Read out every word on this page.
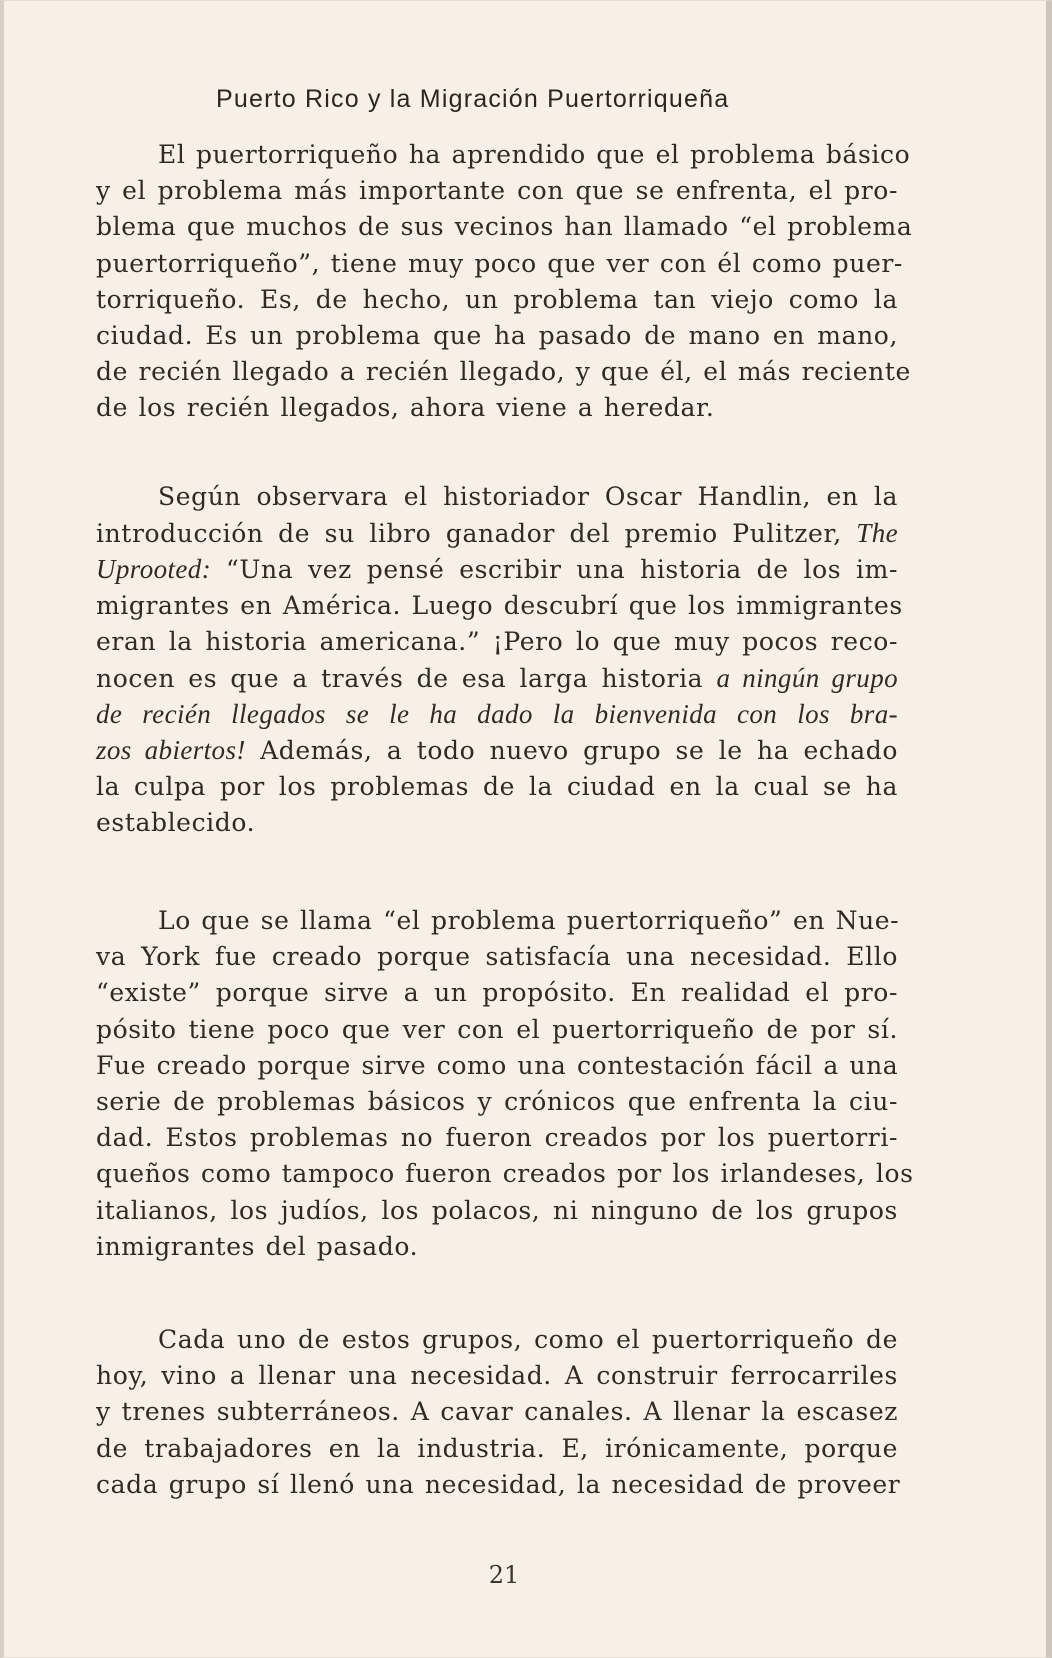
Puerto Rico y la Migración Puertorriqueña
El puertorriqueño ha aprendido que el problema básico
y el problema más importante con que se enfrenta, el pro-
blema que muchos de sus vecinos han llamado “el problema
puertorriqueño”, tiene muy poco que ver con él como puer-
torriqueño. Es, de hecho, un problema tan viejo como la
ciudad. Es un problema que ha pasado de mano en mano,
de recién llegado a recién llegado, y que él, el más reciente
de los recién llegados, ahora viene a heredar.
Según observara el historiador Oscar Handlin, en la
introducción de su libro ganador del premio Pulitzer, The
Uprooted: “Una vez pensé escribir una historia de los im-
migrantes en América. Luego descubrí que los immigrantes
eran la historia americana.” ¡Pero lo que muy pocos reco-
nocen es que a través de esa larga historia a ningún grupo
de recién llegados se le ha dado la bienvenida con los bra-
zos abiertos! Además, a todo nuevo grupo se le ha echado
la culpa por los problemas de la ciudad en la cual se ha
establecido.
Lo que se llama “el problema puertorriqueño” en Nue-
va York fue creado porque satisfacía una necesidad. Ello
“existe” porque sirve a un propósito. En realidad el pro-
pósito tiene poco que ver con el puertorriqueño de por sí.
Fue creado porque sirve como una contestación fácil a una
serie de problemas básicos y crónicos que enfrenta la ciu-
dad. Estos problemas no fueron creados por los puertorri-
queños como tampoco fueron creados por los irlandeses, los
italianos, los judíos, los polacos, ni ninguno de los grupos
inmigrantes del pasado.
Cada uno de estos grupos, como el puertorriqueño de
hoy, vino a llenar una necesidad. A construir ferrocarriles
y trenes subterráneos. A cavar canales. A llenar la escasez
de trabajadores en la industria. E, irónicamente, porque
cada grupo sí llenó una necesidad, la necesidad de proveer
21
